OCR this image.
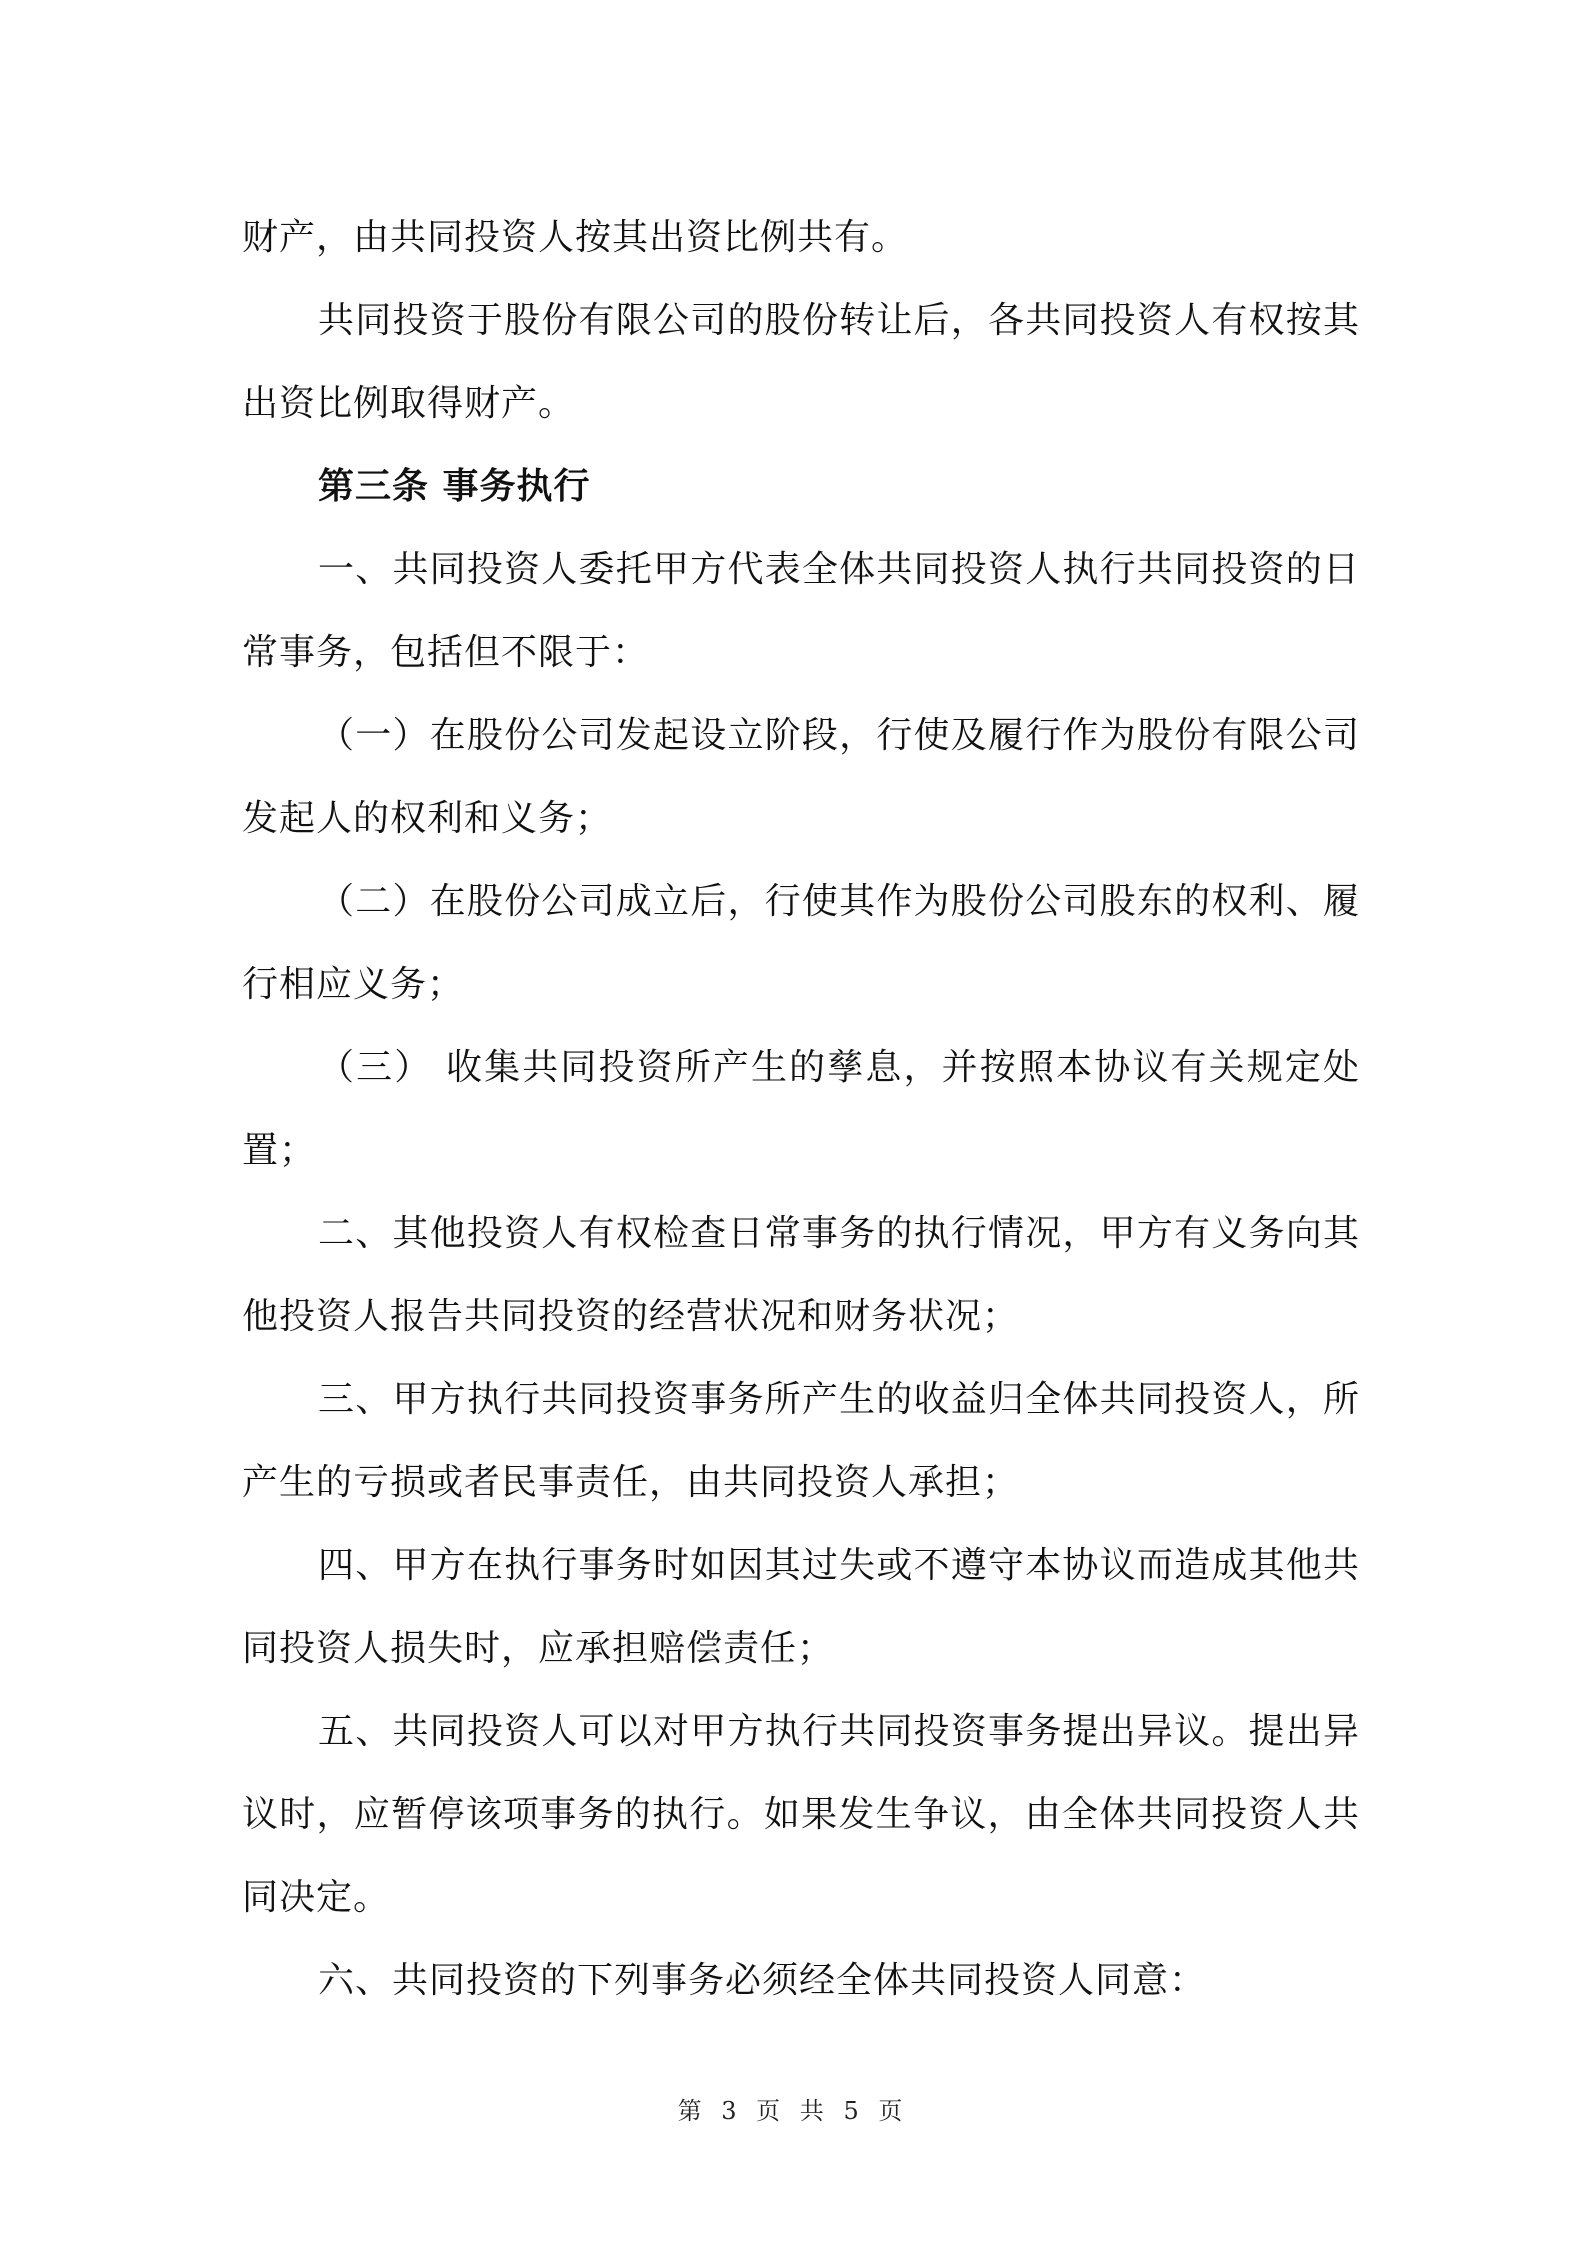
财产，由共同投资人按其出资比例共有。

共同投资于股份有限公司的股份转让后，各共同投资人有权按其出资比例取得财产。

第三条 事务执行

一、共同投资人委托甲方代表全体共同投资人执行共同投资的日常事务，包括但不限于：

（一）在股份公司发起设立阶段，行使及履行作为股份有限公司发起人的权利和义务；

（二）在股份公司成立后，行使其作为股份公司股东的权利、履行相应义务；

（三） 收集共同投资所产生的孳息，并按照本协议有关规定处置；

二、其他投资人有权检查日常事务的执行情况，甲方有义务向其他投资人报告共同投资的经营状况和财务状况；

三、甲方执行共同投资事务所产生的收益归全体共同投资人，所产生的亏损或者民事责任，由共同投资人承担；

四、甲方在执行事务时如因其过失或不遵守本协议而造成其他共同投资人损失时，应承担赔偿责任；

五、共同投资人可以对甲方执行共同投资事务提出异议。提出异议时，应暂停该项事务的执行。如果发生争议，由全体共同投资人共同决定。

六、共同投资的下列事务必须经全体共同投资人同意：

第 3 页 共 5 页
